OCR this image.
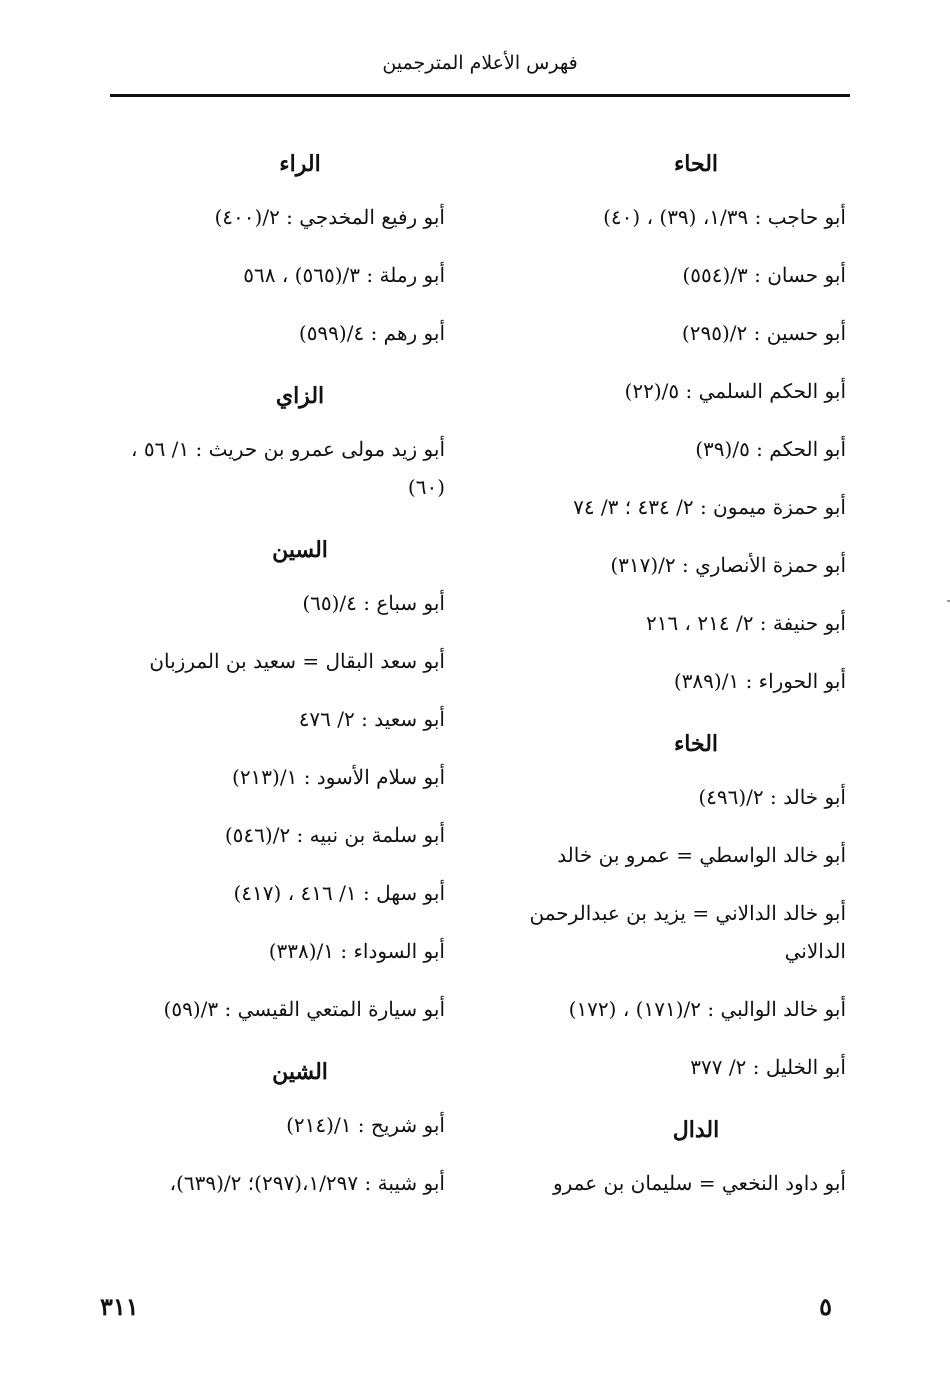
فهرس الأعلام المترجمين
الحاء
أبو حاجب : ١/٣٩، (٣٩) ، (٤٠)
أبو حسان : ٣/(٥٥٤)
أبو حسين : ٢/(٢٩٥)
أبو الحكم السلمي : ٥/(٢٢)
أبو الحكم : ٥/(٣٩)
أبو حمزة ميمون : ٢/ ٤٣٤ ؛ ٣/ ٧٤
أبو حمزة الأنصاري : ٢/(٣١٧)
أبو حنيفة : ٢/ ٢١٤ ، ٢١٦
أبو الحوراء : ١/(٣٨٩)
الخاء
أبو خالد : ٢/(٤٩٦)
أبو خالد الواسطي = عمرو بن خالد
أبو خالد الدالاني = يزيد بن عبدالرحمن الدالاني
أبو خالد الوالبي : ٢/(١٧١) ، (١٧٢)
أبو الخليل : ٢/ ٣٧٧
الدال
أبو داود النخعي = سليمان بن عمرو
الراء
أبو رفيع المخدجي : ٢/(٤٠٠)
أبو رملة : ٣/(٥٦٥) ، ٥٦٨
أبو رهم : ٤/(٥٩٩)
الزاي
أبو زيد مولى عمرو بن حريث : ١/ ٥٦ ، (٦٠)
السين
أبو سباع : ٤/(٦٥)
أبو سعد البقال = سعيد بن المرزبان
أبو سعيد : ٢/ ٤٧٦
أبو سلام الأسود : ١/(٢١٣)
أبو سلمة بن نبيه : ٢/(٥٤٦)
أبو سهل : ١/ ٤١٦ ، (٤١٧)
أبو السوداء : ١/(٣٣٨)
أبو سيارة المتعي القيسي : ٣/(٥٩)
الشين
أبو شريح : ١/(٢١٤)
أبو شيبة : ١/٢٩٧،(٢٩٧)؛ ٢/(٦٣٩)،
٣١١	٥
